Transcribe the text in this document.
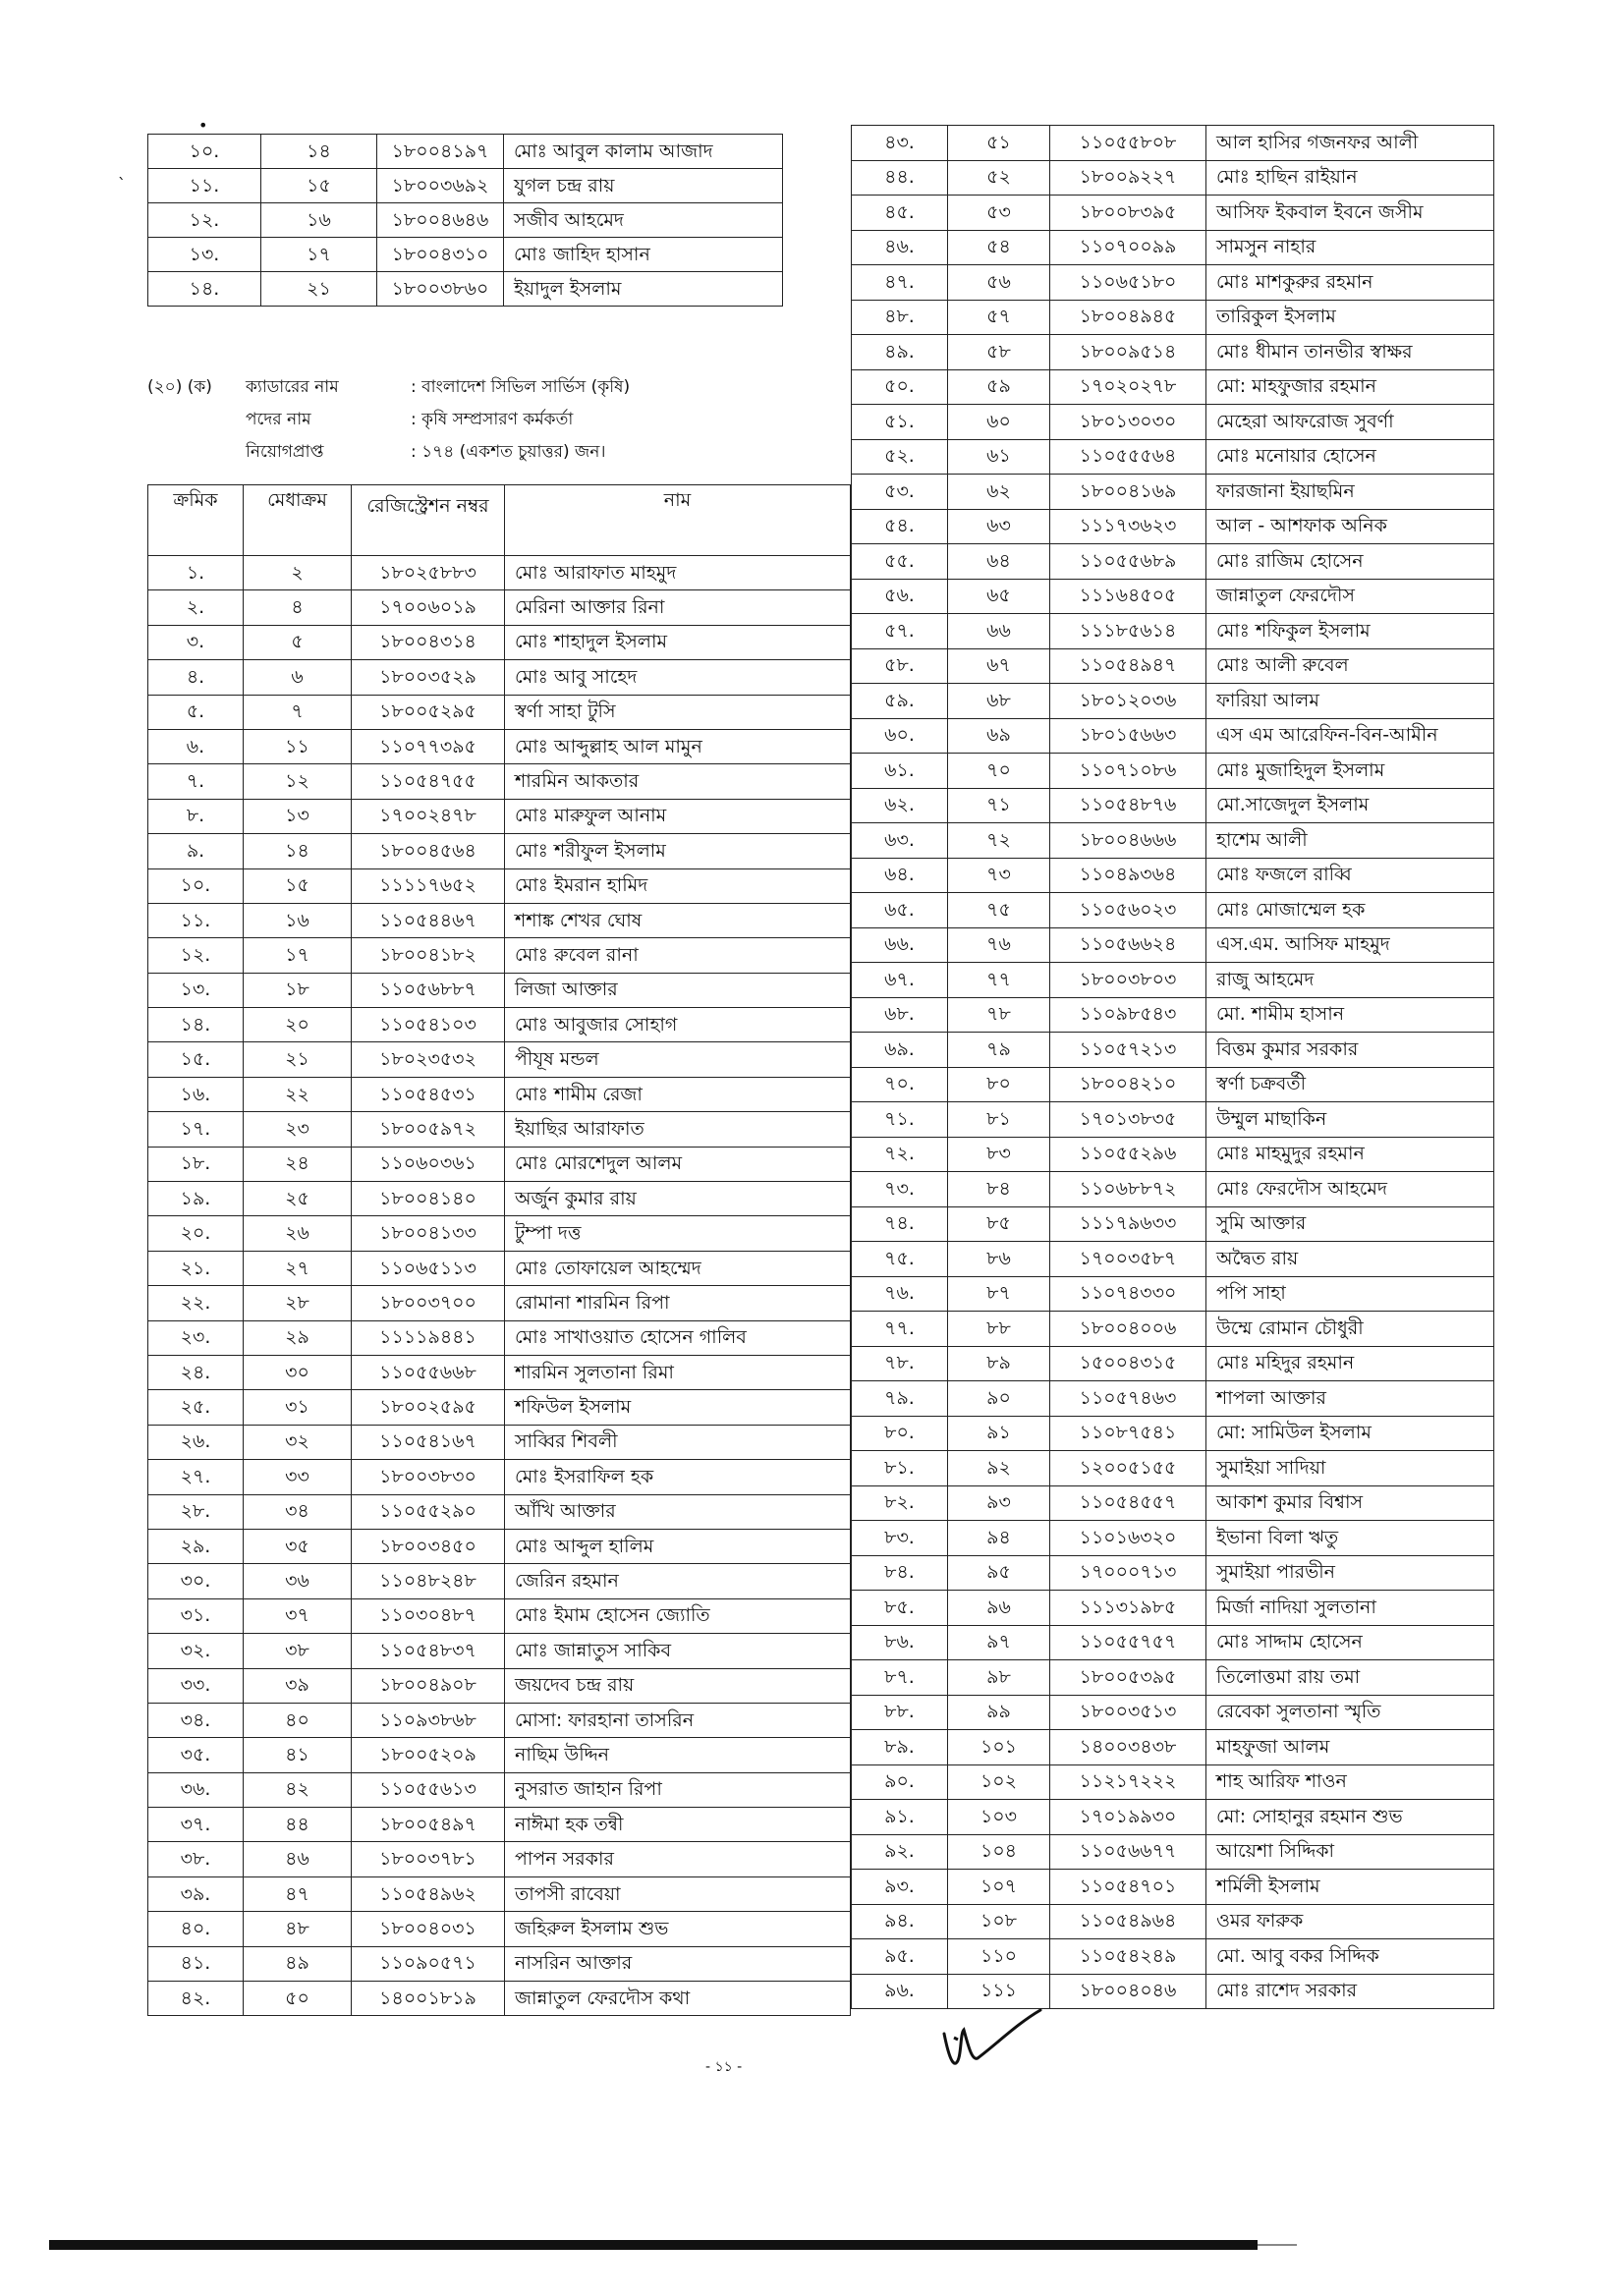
•
`
১০.	১৪	১৮০০৪১৯৭	মোঃ আবুল কালাম আজাদ
১১.	১৫	১৮০০৩৬৯২	যুগল চন্দ্র রায়
১২.	১৬	১৮০০৪৬৪৬	সজীব আহমেদ
১৩.	১৭	১৮০০৪৩১০	মোঃ জাহিদ হাসান
১৪.	২১	১৮০০৩৮৬০	ইয়াদুল ইসলাম
(২০) (ক)	ক্যাডারের নাম	: বাংলাদেশ সিভিল সার্ভিস (কৃষি)
পদের নাম	: কৃষি সম্প্রসারণ কর্মকর্তা
নিয়োগপ্রাপ্ত	: ১৭৪ (একশত চুয়াত্তর) জন।
ক্রমিক	মেধাক্রম	রেজিস্ট্রেশন নম্বর	নাম
১.	২	১৮০২৫৮৮৩	মোঃ আরাফাত মাহমুদ
২.	৪	১৭০০৬০১৯	মেরিনা আক্তার রিনা
৩.	৫	১৮০০৪৩১৪	মোঃ শাহাদুল ইসলাম
৪.	৬	১৮০০৩৫২৯	মোঃ আবু সাহেদ
৫.	৭	১৮০০৫২৯৫	স্বর্ণা সাহা টুসি
৬.	১১	১১০৭৭৩৯৫	মোঃ আব্দুল্লাহ আল মামুন
৭.	১২	১১০৫৪৭৫৫	শারমিন আকতার
৮.	১৩	১৭০০২৪৭৮	মোঃ মারুফুল আনাম
৯.	১৪	১৮০০৪৫৬৪	মোঃ শরীফুল ইসলাম
১০.	১৫	১১১১৭৬৫২	মোঃ ইমরান হামিদ
১১.	১৬	১১০৫৪৪৬৭	শশাঙ্ক শেখর ঘোষ
১২.	১৭	১৮০০৪১৮২	মোঃ রুবেল রানা
১৩.	১৮	১১০৫৬৮৮৭	লিজা আক্তার
১৪.	২০	১১০৫৪১০৩	মোঃ আবুজার সোহাগ
১৫.	২১	১৮০২৩৫৩২	পীযূষ মন্ডল
১৬.	২২	১১০৫৪৫৩১	মোঃ শামীম রেজা
১৭.	২৩	১৮০০৫৯৭২	ইয়াছির আরাফাত
১৮.	২৪	১১০৬০৩৬১	মোঃ মোরশেদুল আলম
১৯.	২৫	১৮০০৪১৪০	অর্জুন কুমার রায়
২০.	২৬	১৮০০৪১৩৩	টুম্পা দত্ত
২১.	২৭	১১০৬৫১১৩	মোঃ তোফায়েল আহম্মেদ
২২.	২৮	১৮০০৩৭০০	রোমানা শারমিন রিপা
২৩.	২৯	১১১১৯৪৪১	মোঃ সাখাওয়াত হোসেন গালিব
২৪.	৩০	১১০৫৫৬৬৮	শারমিন সুলতানা রিমা
২৫.	৩১	১৮০০২৫৯৫	শফিউল ইসলাম
২৬.	৩২	১১০৫৪১৬৭	সাব্বির শিবলী
২৭.	৩৩	১৮০০৩৮৩০	মোঃ ইসরাফিল হক
২৮.	৩৪	১১০৫৫২৯০	আঁখি আক্তার
২৯.	৩৫	১৮০০৩৪৫০	মোঃ আব্দুল হালিম
৩০.	৩৬	১১০৪৮২৪৮	জেরিন রহমান
৩১.	৩৭	১১০৩০৪৮৭	মোঃ ইমাম হোসেন জ্যোতি
৩২.	৩৮	১১০৫৪৮৩৭	মোঃ জান্নাতুস সাকিব
৩৩.	৩৯	১৮০০৪৯০৮	জয়দেব চন্দ্র রায়
৩৪.	৪০	১১০৯৩৮৬৮	মোসা: ফারহানা তাসরিন
৩৫.	৪১	১৮০০৫২০৯	নাছিম উদ্দিন
৩৬.	৪২	১১০৫৫৬১৩	নুসরাত জাহান রিপা
৩৭.	৪৪	১৮০০৫৪৯৭	নাঈমা হক তন্বী
৩৮.	৪৬	১৮০০৩৭৮১	পাপন সরকার
৩৯.	৪৭	১১০৫৪৯৬২	তাপসী রাবেয়া
৪০.	৪৮	১৮০০৪০৩১	জহিরুল ইসলাম শুভ
৪১.	৪৯	১১০৯০৫৭১	নাসরিন আক্তার
৪২.	৫০	১৪০০১৮১৯	জান্নাতুল ফেরদৌস কথা
৪৩.	৫১	১১০৫৫৮০৮	আল হাসির গজনফর আলী
৪৪.	৫২	১৮০০৯২২৭	মোঃ হাছিন রাইয়ান
৪৫.	৫৩	১৮০০৮৩৯৫	আসিফ ইকবাল ইবনে জসীম
৪৬.	৫৪	১১০৭০০৯৯	সামসুন নাহার
৪৭.	৫৬	১১০৬৫১৮০	মোঃ মাশকুরুর রহমান
৪৮.	৫৭	১৮০০৪৯৪৫	তারিকুল ইসলাম
৪৯.	৫৮	১৮০০৯৫১৪	মোঃ ধীমান তানভীর স্বাক্ষর
৫০.	৫৯	১৭০২০২৭৮	মো: মাহফুজার রহমান
৫১.	৬০	১৮০১৩০৩০	মেহেরা আফরোজ সুবর্ণা
৫২.	৬১	১১০৫৫৫৬৪	মোঃ মনোয়ার হোসেন
৫৩.	৬২	১৮০০৪১৬৯	ফারজানা ইয়াছমিন
৫৪.	৬৩	১১১৭৩৬২৩	আল - আশফাক অনিক
৫৫.	৬৪	১১০৫৫৬৮৯	মোঃ রাজিম হোসেন
৫৬.	৬৫	১১১৬৪৫০৫	জান্নাতুল ফেরদৌস
৫৭.	৬৬	১১১৮৫৬১৪	মোঃ শফিকুল ইসলাম
৫৮.	৬৭	১১০৫৪৯৪৭	মোঃ আলী রুবেল
৫৯.	৬৮	১৮০১২০৩৬	ফারিয়া আলম
৬০.	৬৯	১৮০১৫৬৬৩	এস এম আরেফিন-বিন-আমীন
৬১.	৭০	১১০৭১০৮৬	মোঃ মুজাহিদুল ইসলাম
৬২.	৭১	১১০৫৪৮৭৬	মো.সাজেদুল ইসলাম
৬৩.	৭২	১৮০০৪৬৬৬	হাশেম আলী
৬৪.	৭৩	১১০৪৯৩৬৪	মোঃ ফজলে রাব্বি
৬৫.	৭৫	১১০৫৬০২৩	মোঃ মোজাম্মেল হক
৬৬.	৭৬	১১০৫৬৬২৪	এস.এম. আসিফ মাহমুদ
৬৭.	৭৭	১৮০০৩৮০৩	রাজু আহমেদ
৬৮.	৭৮	১১০৯৮৫৪৩	মো. শামীম হাসান
৬৯.	৭৯	১১০৫৭২১৩	বিত্তম কুমার সরকার
৭০.	৮০	১৮০০৪২১০	স্বর্ণা চক্রবর্তী
৭১.	৮১	১৭০১৩৮৩৫	উম্মুল মাছাকিন
৭২.	৮৩	১১০৫৫২৯৬	মোঃ মাহমুদুর রহমান
৭৩.	৮৪	১১০৬৮৮৭২	মোঃ ফেরদৌস আহমেদ
৭৪.	৮৫	১১১৭৯৬৩৩	সুমি আক্তার
৭৫.	৮৬	১৭০০৩৫৮৭	অদ্বৈত রায়
৭৬.	৮৭	১১০৭৪৩৩০	পপি সাহা
৭৭.	৮৮	১৮০০৪০০৬	উম্মে রোমান চৌধুরী
৭৮.	৮৯	১৫০০৪৩১৫	মোঃ মহিদুর রহমান
৭৯.	৯০	১১০৫৭৪৬৩	শাপলা আক্তার
৮০.	৯১	১১০৮৭৫৪১	মো: সামিউল ইসলাম
৮১.	৯২	১২০০৫১৫৫	সুমাইয়া সাদিয়া
৮২.	৯৩	১১০৫৪৫৫৭	আকাশ কুমার বিশ্বাস
৮৩.	৯৪	১১০১৬৩২০	ইভানা বিলা ঋতু
৮৪.	৯৫	১৭০০০৭১৩	সুমাইয়া পারভীন
৮৫.	৯৬	১১১৩১৯৮৫	মির্জা নাদিয়া সুলতানা
৮৬.	৯৭	১১০৫৫৭৫৭	মোঃ সাদ্দাম হোসেন
৮৭.	৯৮	১৮০০৫৩৯৫	তিলোত্তমা রায় তমা
৮৮.	৯৯	১৮০০৩৫১৩	রেবেকা সুলতানা স্মৃতি
৮৯.	১০১	১৪০০৩৪৩৮	মাহফুজা আলম
৯০.	১০২	১১২১৭২২২	শাহ আরিফ শাওন
৯১.	১০৩	১৭০১৯৯৩০	মো: সোহানুর রহমান শুভ
৯২.	১০৪	১১০৫৬৬৭৭	আয়েশা সিদ্দিকা
৯৩.	১০৭	১১০৫৪৭০১	শর্মিলী ইসলাম
৯৪.	১০৮	১১০৫৪৯৬৪	ওমর ফারুক
৯৫.	১১০	১১০৫৪২৪৯	মো. আবু বকর সিদ্দিক
৯৬.	১১১	১৮০০৪০৪৬	মোঃ রাশেদ সরকার
- ১১ -
